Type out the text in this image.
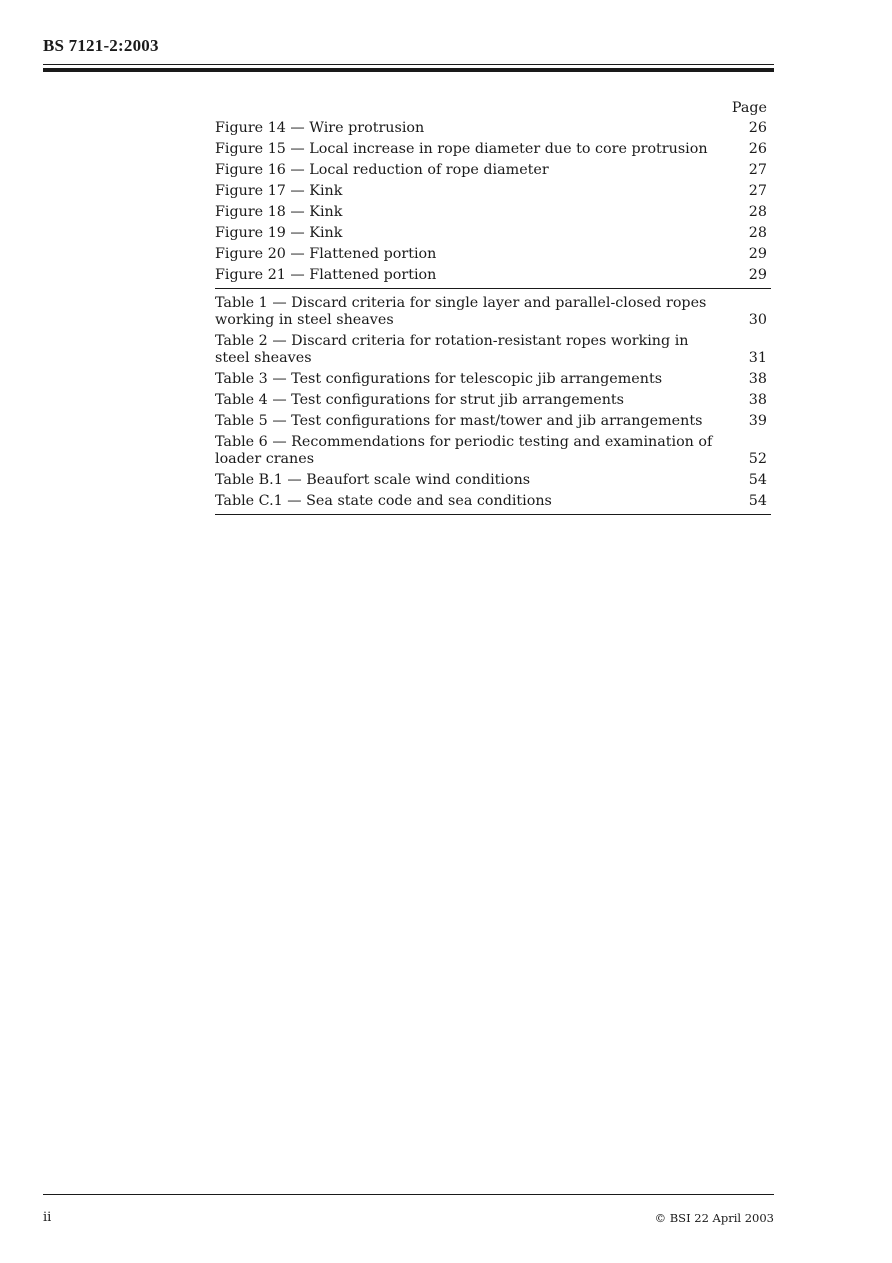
BS 7121-2:2003
Page
Figure 14 — Wire protrusion	26
Figure 15 — Local increase in rope diameter due to core protrusion	26
Figure 16 — Local reduction of rope diameter	27
Figure 17 — Kink	27
Figure 18 — Kink	28
Figure 19 — Kink	28
Figure 20 — Flattened portion	29
Figure 21 — Flattened portion	29
Table 1 — Discard criteria for single layer and parallel-closed ropes working in steel sheaves	30
Table 2 — Discard criteria for rotation-resistant ropes working in steel sheaves	31
Table 3 — Test configurations for telescopic jib arrangements	38
Table 4 — Test configurations for strut jib arrangements	38
Table 5 — Test configurations for mast/tower and jib arrangements	39
Table 6 — Recommendations for periodic testing and examination of loader cranes	52
Table B.1 — Beaufort scale wind conditions	54
Table C.1 — Sea state code and sea conditions	54
ii	© BSI 22 April 2003
